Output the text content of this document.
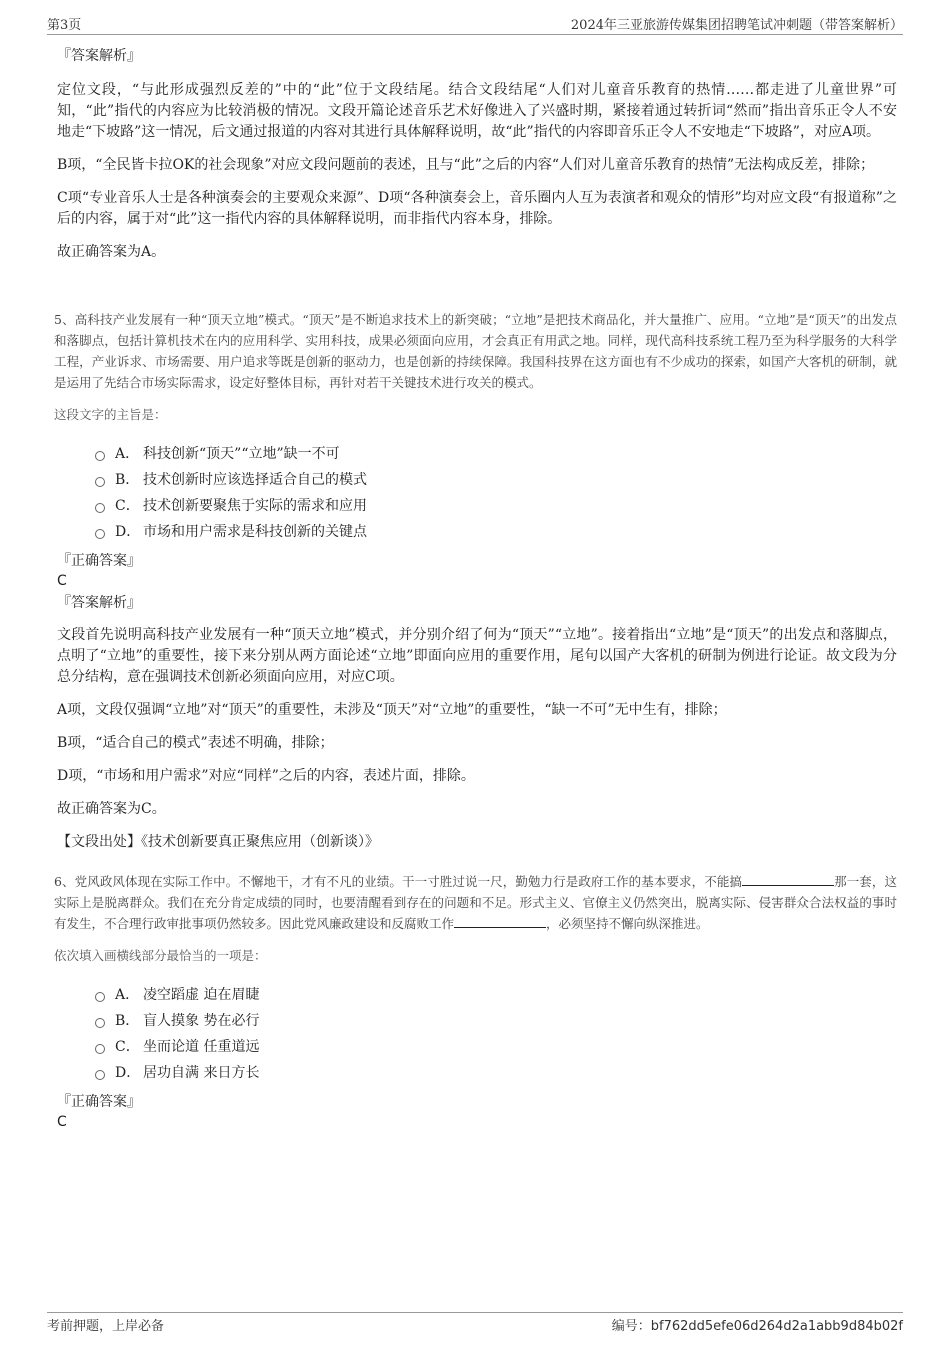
第3页	2024年三亚旅游传媒集团招聘笔试冲刺题（带答案解析）

『答案解析』

定位文段，“与此形成强烈反差的”中的“此”位于文段结尾。结合文段结尾“人们对儿童音乐教育的热情……都走进了儿童世界”可知，“此”指代的内容应为比较消极的情况。文段开篇论述音乐艺术好像进入了兴盛时期，紧接着通过转折词“然而”指出音乐正令人不安地走“下坡路”这一情况，后文通过报道的内容对其进行具体解释说明，故“此”指代的内容即音乐正令人不安地走“下坡路”，对应A项。

B项，“全民皆卡拉OK的社会现象”对应文段问题前的表述，且与“此”之后的内容“人们对儿童音乐教育的热情”无法构成反差，排除；

C项“专业音乐人士是各种演奏会的主要观众来源”、D项“各种演奏会上，音乐圈内人互为表演者和观众的情形”均对应文段“有报道称”之后的内容，属于对“此”这一指代内容的具体解释说明，而非指代内容本身，排除。

故正确答案为A。

5、高科技产业发展有一种“顶天立地”模式。“顶天”是不断追求技术上的新突破；“立地”是把技术商品化，并大量推广、应用。“立地”是“顶天”的出发点和落脚点，包括计算机技术在内的应用科学、实用科技，成果必须面向应用，才会真正有用武之地。同样，现代高科技系统工程乃至为科学服务的大科学工程，产业诉求、市场需要、用户追求等既是创新的驱动力，也是创新的持续保障。我国科技界在这方面也有不少成功的探索，如国产大客机的研制，就是运用了先结合市场实际需求，设定好整体目标，再针对若干关键技术进行攻关的模式。

这段文字的主旨是：

A． 科技创新“顶天”“立地”缺一不可
B． 技术创新时应该选择适合自己的模式
C． 技术创新要聚焦于实际的需求和应用
D． 市场和用户需求是科技创新的关键点

『正确答案』

C

『答案解析』

文段首先说明高科技产业发展有一种“顶天立地”模式，并分别介绍了何为“顶天”“立地”。接着指出“立地”是“顶天”的出发点和落脚点，点明了“立地”的重要性，接下来分别从两方面论述“立地”即面向应用的重要作用，尾句以国产大客机的研制为例进行论证。故文段为分总分结构，意在强调技术创新必须面向应用，对应C项。

A项，文段仅强调“立地”对“顶天”的重要性，未涉及“顶天”对“立地”的重要性，“缺一不可”无中生有，排除；

B项，“适合自己的模式”表述不明确，排除；

D项，“市场和用户需求”对应“同样”之后的内容，表述片面，排除。

故正确答案为C。

【文段出处】《技术创新要真正聚焦应用（创新谈）》

6、党风政风体现在实际工作中。不懈地干，才有不凡的业绩。干一寸胜过说一尺，勤勉力行是政府工作的基本要求，不能搞	那一套，这实际上是脱离群众。我们在充分肯定成绩的同时，也要清醒看到存在的问题和不足。形式主义、官僚主义仍然突出，脱离实际、侵害群众合法权益的事时有发生，不合理行政审批事项仍然较多。因此党风廉政建设和反腐败工作	，必须坚持不懈向纵深推进。

依次填入画横线部分最恰当的一项是：

A． 凌空蹈虚 迫在眉睫
B． 盲人摸象 势在必行
C． 坐而论道 任重道远
D． 居功自满 来日方长

『正确答案』

C

考前押题，上岸必备	编号：bf762dd5efe06d264d2a1abb9d84b02f
